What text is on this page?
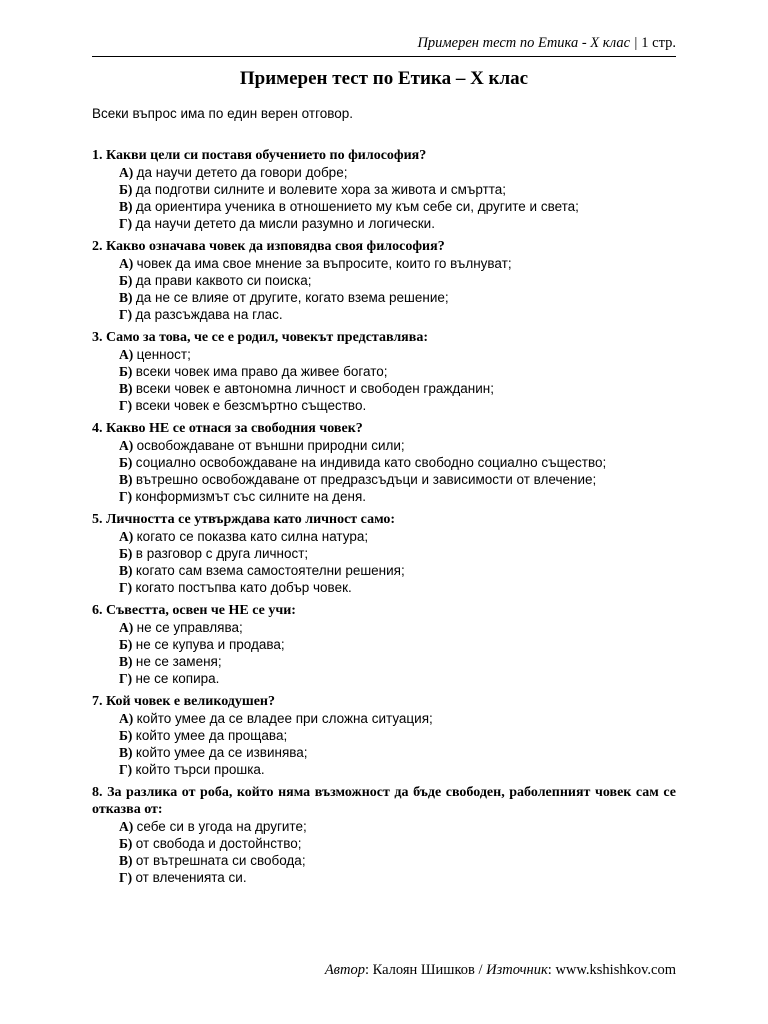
Примерен тест по Етика - X клас | 1 стр.
Примерен тест по Етика – X клас
Всеки въпрос има по един верен отговор.
1. Какви цели си поставя обучението по философия?
А) да научи детето да говори добре;
Б) да подготви силните и волевите хора за живота и смъртта;
В) да ориентира ученика в отношението му към себе си, другите и света;
Г) да научи детето да мисли разумно и логически.
2. Какво означава човек да изповядва своя философия?
А) човек да има свое мнение за въпросите, които го вълнуват;
Б) да прави каквото си поиска;
В) да не се влияе от другите, когато взема решение;
Г) да разсъждава на глас.
3. Само за това, че се е родил, човекът представлява:
А) ценност;
Б) всеки човек има право да живее богато;
В) всеки човек е автономна личност и свободен гражданин;
Г) всеки човек е безсмъртно същество.
4. Какво НЕ се отнася за свободния човек?
А) освобождаване от външни природни сили;
Б) социално освобождаване на индивида като свободно социално същество;
В) вътрешно освобождаване от предразсъдъци и зависимости от влечение;
Г) конформизмът със силните на деня.
5. Личността се утвърждава като личност само:
А) когато се показва като силна натура;
Б) в разговор с друга личност;
В) когато сам взема самостоятелни решения;
Г) когато постъпва като добър човек.
6. Съвестта, освен че НЕ се учи:
А) не се управлява;
Б) не се купува и продава;
В) не се заменя;
Г) не се копира.
7. Кой човек е великодушен?
А) който умее да се владее при сложна ситуация;
Б) който умее да прощава;
В) който умее да се извинява;
Г) който търси прошка.
8. За разлика от роба, който няма възможност да бъде свободен, раболепният човек сам се отказва от:
А) себе си в угода на другите;
Б) от свобода и достойнство;
В) от вътрешната си свобода;
Г) от влеченията си.
Автор: Калоян Шишков / Източник: www.kshishkov.com
